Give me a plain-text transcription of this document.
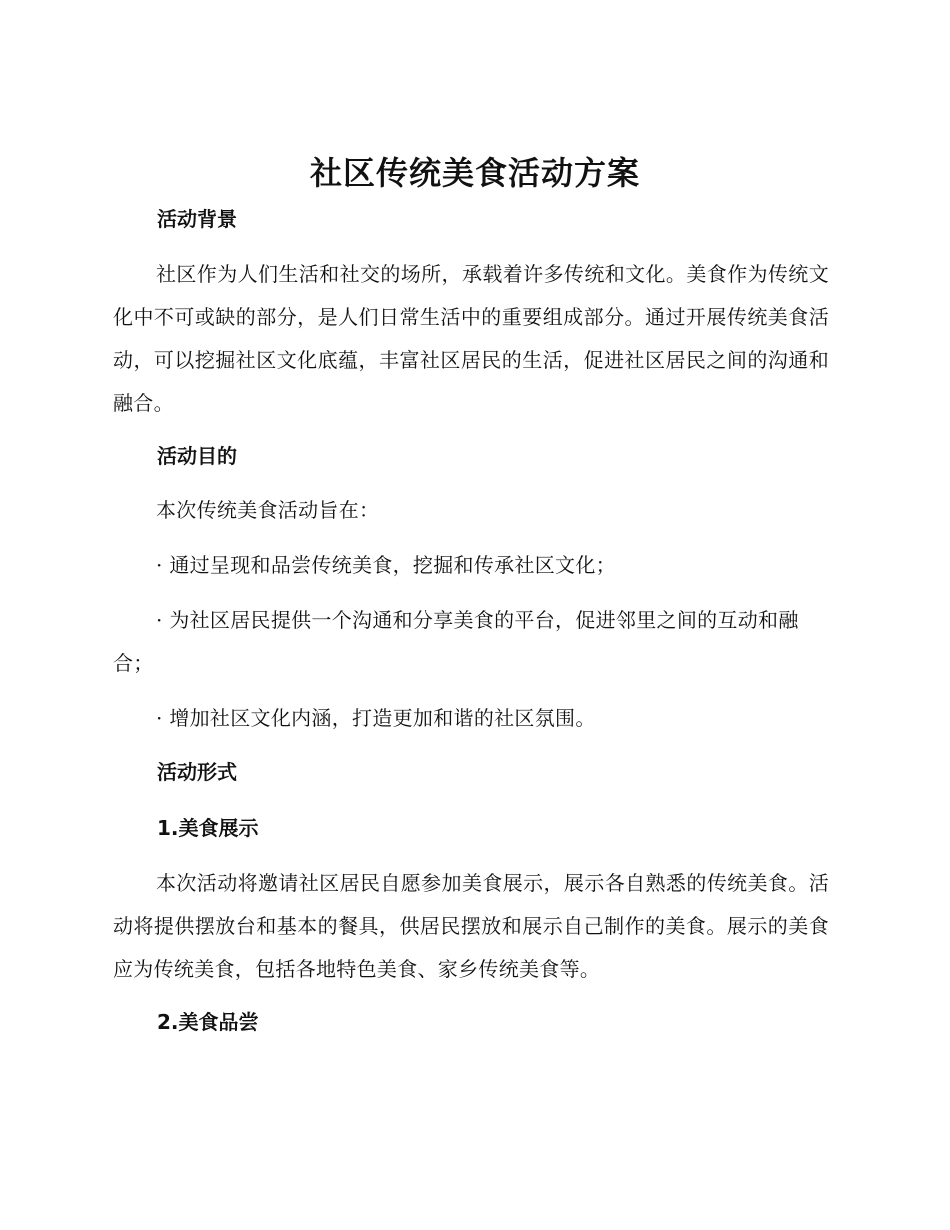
社区传统美食活动方案
活动背景

社区作为人们生活和社交的场所，承载着许多传统和文化。美食作为传统文化中不可或缺的部分，是人们日常生活中的重要组成部分。通过开展传统美食活动，可以挖掘社区文化底蕴，丰富社区居民的生活，促进社区居民之间的沟通和融合。

活动目的

本次传统美食活动旨在：

· 通过呈现和品尝传统美食，挖掘和传承社区文化；

· 为社区居民提供一个沟通和分享美食的平台，促进邻里之间的互动和融合；

· 增加社区文化内涵，打造更加和谐的社区氛围。

活动形式
1.美食展示

本次活动将邀请社区居民自愿参加美食展示，展示各自熟悉的传统美食。活动将提供摆放台和基本的餐具，供居民摆放和展示自己制作的美食。展示的美食应为传统美食，包括各地特色美食、家乡传统美食等。

2.美食品尝
